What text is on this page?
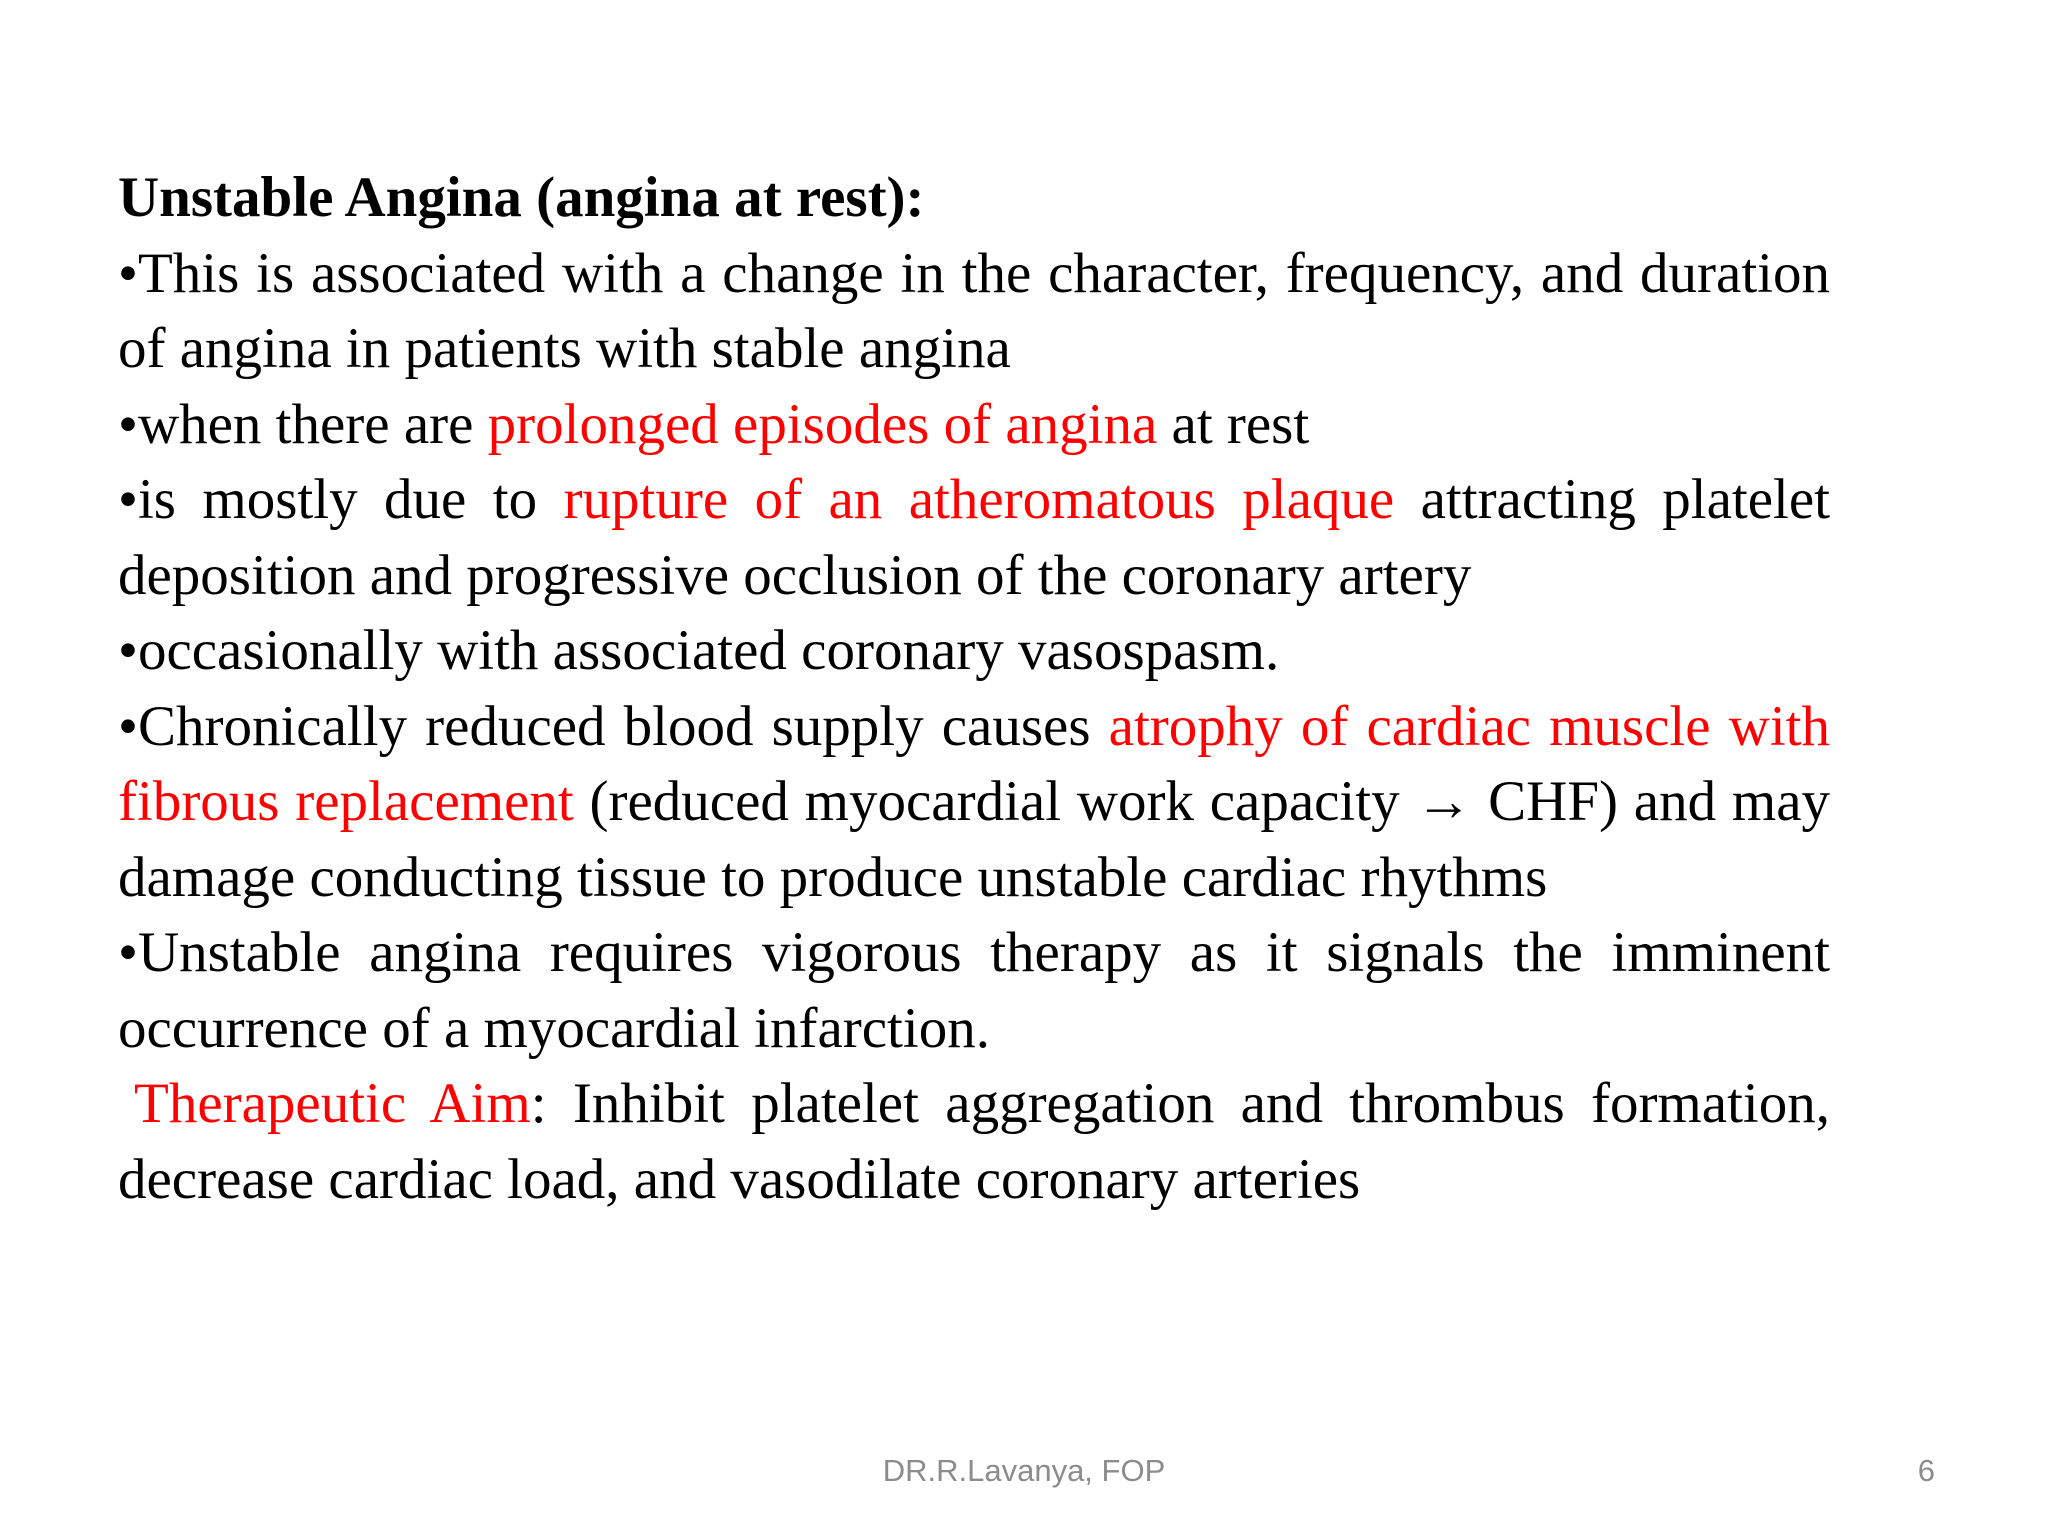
Unstable Angina (angina at rest):
•This is associated with a change in the character, frequency, and duration of angina in patients with stable angina
•when there are prolonged episodes of angina at rest
•is mostly due to rupture of an atheromatous plaque attracting platelet deposition and progressive occlusion of the coronary artery
•occasionally with associated coronary vasospasm.
•Chronically reduced blood supply causes atrophy of cardiac muscle with fibrous replacement (reduced myocardial work capacity → CHF) and may damage conducting tissue to produce unstable cardiac rhythms
•Unstable angina requires vigorous therapy as it signals the imminent occurrence of a myocardial infarction.
Therapeutic Aim: Inhibit platelet aggregation and thrombus formation, decrease cardiac load, and vasodilate coronary arteries
DR.R.Lavanya, FOP	6
